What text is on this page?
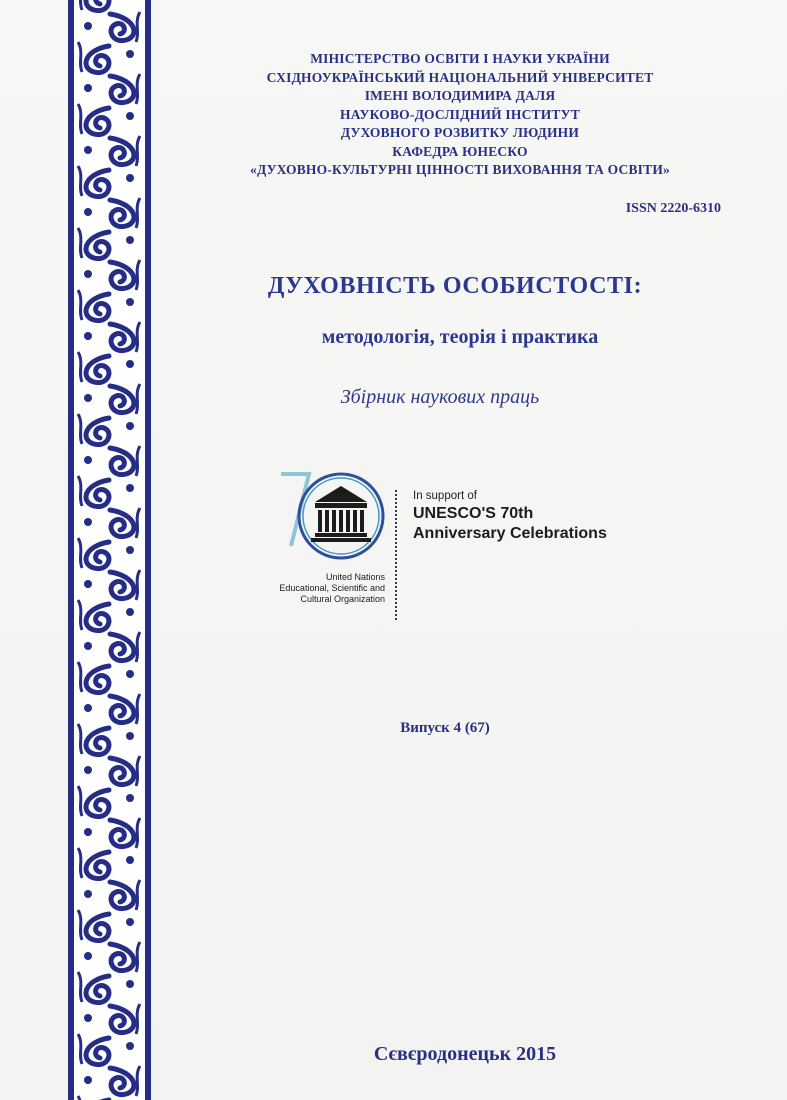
МІНІСТЕРСТВО ОСВІТИ І НАУКИ УКРАЇНИ
СХІДНОУКРАЇНСЬКИЙ НАЦІОНАЛЬНИЙ УНІВЕРСИТЕТ
ІМЕНІ ВОЛОДИМИРА ДАЛЯ
НАУКОВО-ДОСЛІДНИЙ ІНСТИТУТ
ДУХОВНОГО РОЗВИТКУ ЛЮДИНИ
КАФЕДРА ЮНЕСКО
«ДУХОВНО-КУЛЬТУРНІ ЦІННОСТІ ВИХОВАННЯ ТА ОСВІТИ»
ISSN 2220-6310
ДУХОВНІСТЬ ОСОБИСТОСТІ:
методологія, теорія і практика
Збірник наукових праць
In support of
UNESCO'S 70th
Anniversary Celebrations
United Nations
Educational, Scientific and
Cultural Organization
Випуск 4 (67)
Сєвєродонецьк 2015
